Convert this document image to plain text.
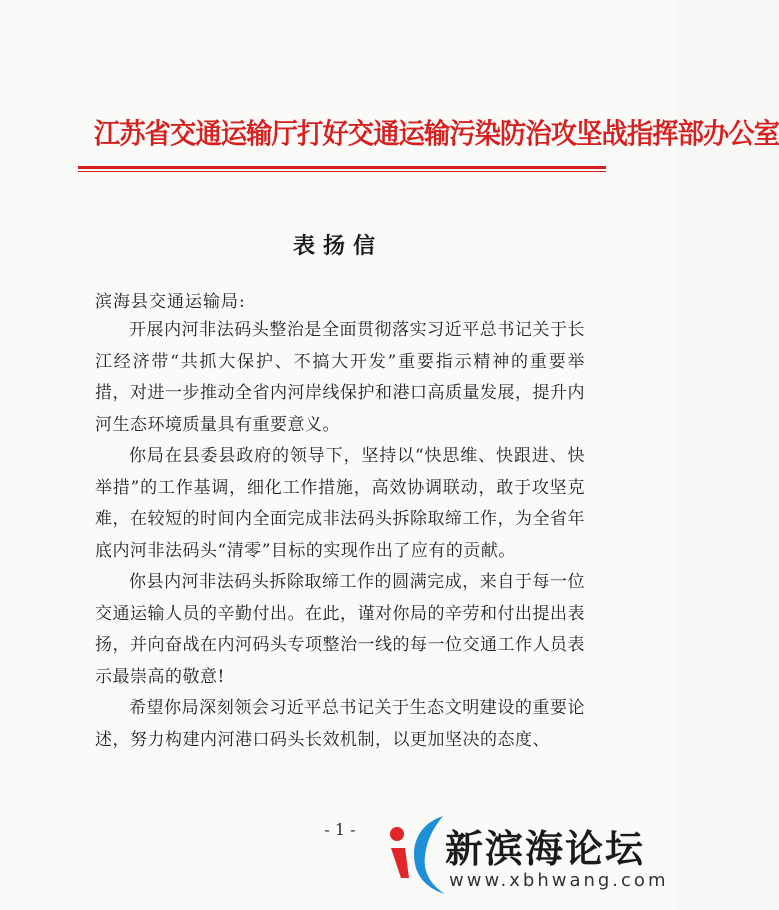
江苏省交通运输厅打好交通运输污染防治攻坚战指挥部办公室
表扬信
滨海县交通运输局:

开展内河非法码头整治是全面贯彻落实习近平总书记关于长江经济带“共抓大保护、不搞大开发”重要指示精神的重要举措，对进一步推动全省内河岸线保护和港口高质量发展，提升内河生态环境质量具有重要意义。

你局在县委县政府的领导下，坚持以“快思维、快跟进、快举措”的工作基调，细化工作措施，高效协调联动，敢于攻坚克难，在较短的时间内全面完成非法码头拆除取缔工作，为全省年底内河非法码头“清零”目标的实现作出了应有的贡献。

你县内河非法码头拆除取缔工作的圆满完成，来自于每一位交通运输人员的辛勤付出。在此，谨对你局的辛劳和付出提出表扬，并向奋战在内河码头专项整治一线的每一位交通工作人员表示最崇高的敬意!

希望你局深刻领会习近平总书记关于生态文明建设的重要论述，努力构建内河港口码头长效机制，以更加坚决的态度、

- 1 -	新滨海论坛
www.xbhwang.com
